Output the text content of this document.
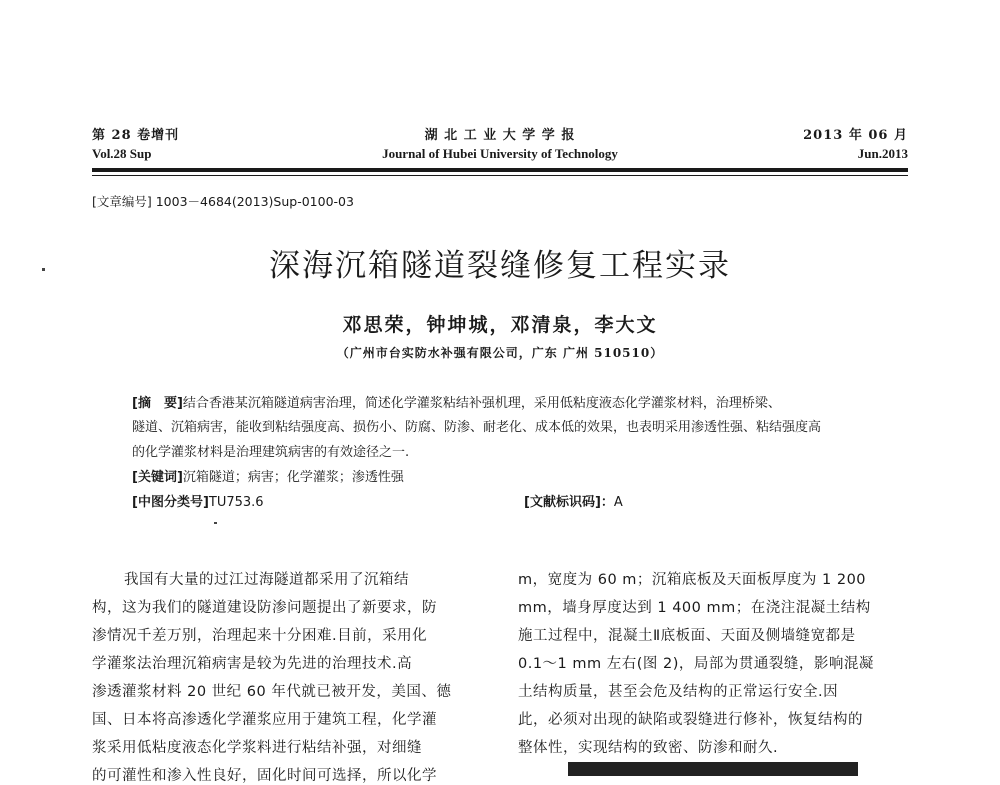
第 28 卷增刊
Vol.28 Sup
湖 北 工 业 大 学 学 报
Journal of Hubei University of Technology
2013 年 06 月
Jun.2013
[文章编号] 1003－4684(2013)Sup-0100-03
深海沉箱隧道裂缝修复工程实录
邓思荣，钟坤城，邓清泉，李大文
（广州市台实防水补强有限公司，广东 广州 510510）
[摘　要]结合香港某沉箱隧道病害治理，简述化学灌浆粘结补强机理，采用低粘度液态化学灌浆材料，治理桥梁、
隧道、沉箱病害，能收到粘结强度高、损伤小、防腐、防渗、耐老化、成本低的效果，也表明采用渗透性强、粘结强度高
的化学灌浆材料是治理建筑病害的有效途径之一.
[关键词]沉箱隧道；病害；化学灌浆；渗透性强
[中图分类号]TU753.6	[文献标识码]：A
我国有大量的过江过海隧道都采用了沉箱结
构，这为我们的隧道建设防渗问题提出了新要求，防
渗情况千差万别，治理起来十分困难.目前，采用化
学灌浆法治理沉箱病害是较为先进的治理技术.高
渗透灌浆材料 20 世纪 60 年代就已被开发，美国、德
国、日本将高渗透化学灌浆应用于建筑工程，化学灌
浆采用低粘度液态化学浆料进行粘结补强，对细缝
的可灌性和渗入性良好，固化时间可选择，所以化学
m，宽度为 60 m；沉箱底板及天面板厚度为 1 200
mm，墙身厚度达到 1 400 mm；在浇注混凝土结构
施工过程中，混凝土Ⅱ底板面、天面及侧墙缝宽都是
0.1～1 mm 左右(图 2)，局部为贯通裂缝，影响混凝
土结构质量，甚至会危及结构的正常运行安全.因
此，必须对出现的缺陷或裂缝进行修补，恢复结构的
整体性，实现结构的致密、防渗和耐久.
